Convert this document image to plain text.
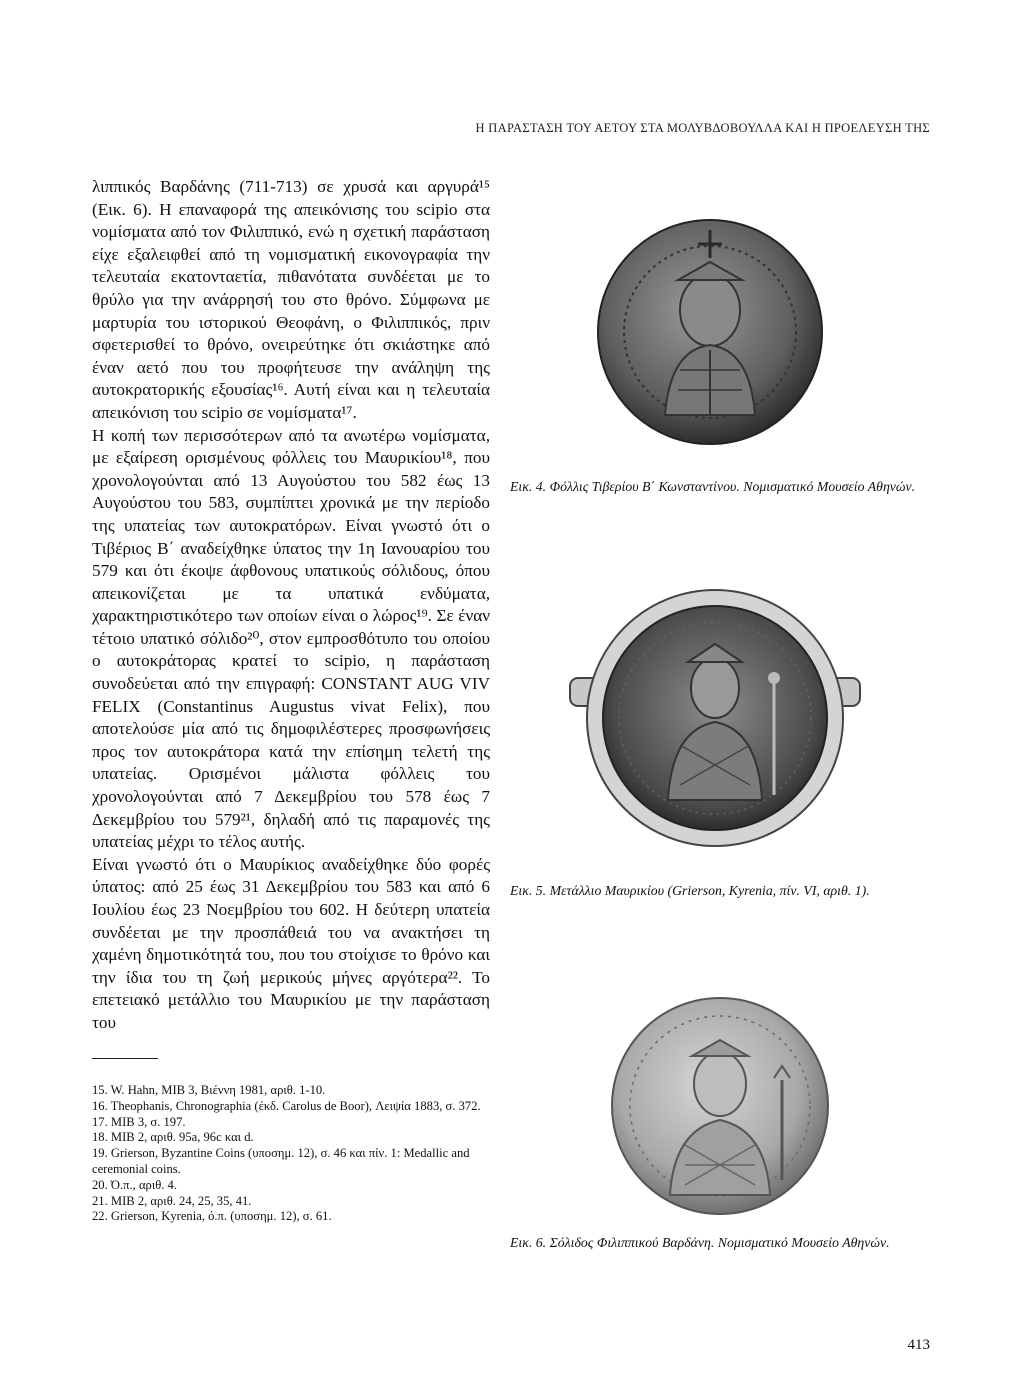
Η ΠΑΡΑΣΤΑΣΗ ΤΟΥ ΑΕΤΟΥ ΣΤΑ ΜΟΛΥΒΔΟΒΟΥΛΛΑ ΚΑΙ Η ΠΡΟΕΛΕΥΣΗ ΤΗΣ

λιππικός Βαρδάνης (711-713) σε χρυσά και αργυρά¹⁵ (Εικ. 6). Η επαναφορά της απεικόνισης του scipio στα νομίσματα από τον Φιλιππικό, ενώ η σχετική παράσταση είχε εξαλειφθεί από τη νομισματική εικονογραφία την τελευταία εκατονταετία, πιθανότατα συνδέεται με το θρύλο για την ανάρρησή του στο θρόνο. Σύμφωνα με μαρτυρία του ιστορικού Θεοφάνη, ο Φιλιππικός, πριν σφετερισθεί το θρόνο, ονειρεύτηκε ότι σκιάστηκε από έναν αετό που του προφήτευσε την ανάληψη της αυτοκρατορικής εξουσίας¹⁶. Αυτή είναι και η τελευταία απεικόνιση του scipio σε νομίσματα¹⁷.

Η κοπή των περισσότερων από τα ανωτέρω νομίσματα, με εξαίρεση ορισμένους φόλλεις του Μαυρικίου¹⁸, που χρονολογούνται από 13 Αυγούστου του 582 έως 13 Αυγούστου του 583, συμπίπτει χρονικά με την περίοδο της υπατείας των αυτοκρατόρων. Είναι γνωστό ότι ο Τιβέριος Β΄ αναδείχθηκε ύπατος την 1η Ιανουαρίου του 579 και ότι έκοψε άφθονους υπατικούς σόλιδους, όπου απεικονίζεται με τα υπατικά ενδύματα, χαρακτηριστικότερο των οποίων είναι ο λώρος¹⁹. Σε έναν τέτοιο υπατικό σόλιδο²⁰, στον εμπροσθότυπο του οποίου ο αυτοκράτορας κρατεί το scipio, η παράσταση συνοδεύεται από την επιγραφή: CONSTANT AUG VIV FELIX (Constantinus Augustus vivat Felix), που αποτελούσε μία από τις δημοφιλέστερες προσφωνήσεις προς τον αυτοκράτορα κατά την επίσημη τελετή της υπατείας. Ορισμένοι μάλιστα φόλλεις του χρονολογούνται από 7 Δεκεμβρίου του 578 έως 7 Δεκεμβρίου του 579²¹, δηλαδή από τις παραμονές της υπατείας μέχρι το τέλος αυτής.

Είναι γνωστό ότι ο Μαυρίκιος αναδείχθηκε δύο φορές ύπατος: από 25 έως 31 Δεκεμβρίου του 583 και από 6 Ιουλίου έως 23 Νοεμβρίου του 602. Η δεύτερη υπατεία συνδέεται με την προσπάθειά του να ανακτήσει τη χαμένη δημοτικότητά του, που του στοίχισε το θρόνο και την ίδια του τη ζωή μερικούς μήνες αργότερα²². Το επετειακό μετάλλιο του Μαυρικίου με την παράσταση του

15. W. Hahn, MIB 3, Βιέννη 1981, αριθ. 1-10.
16. Theophanis, Chronographia (έκδ. Carolus de Boor), Λειψία 1883, σ. 372.
17. MIB 3, σ. 197.
18. MIB 2, αριθ. 95a, 96c και d.
19. Grierson, Byzantine Coins (υποσημ. 12), σ. 46 και πίν. 1: Medallic and ceremonial coins.
20. Ό.π., αριθ. 4.
21. MIB 2, αριθ. 24, 25, 35, 41.
22. Grierson, Kyrenia, ό.π. (υποσημ. 12), σ. 61.
Εικ. 4. Φόλλις Τιβερίου Β΄ Κωνσταντίνου. Νομισματικό Μουσείο Αθηνών.
Εικ. 5. Μετάλλιο Μαυρικίου (Grierson, Kyrenia, πίν. VI, αριθ. 1).
Εικ. 6. Σόλιδος Φιλιππικού Βαρδάνη. Νομισματικό Μουσείο Αθηνών.
413
